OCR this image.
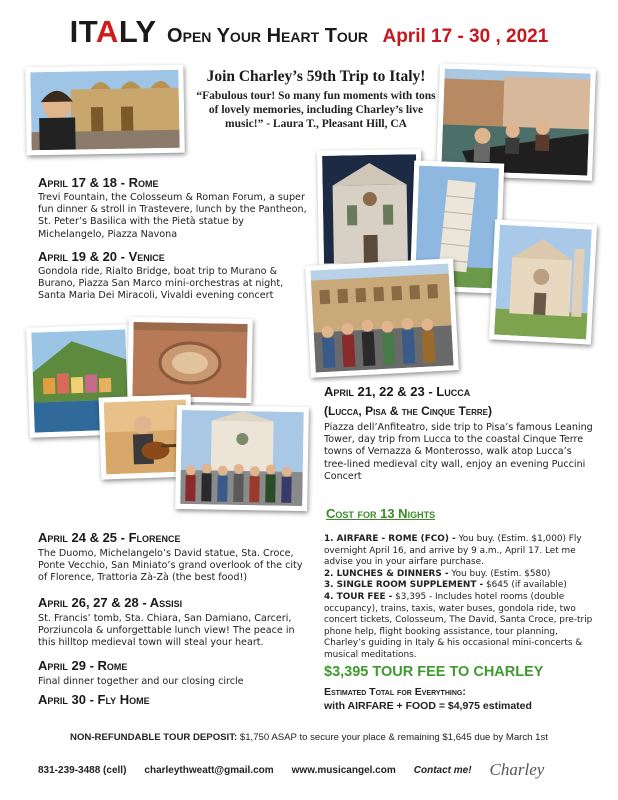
ITALY Open Your Heart Tour April 17 - 30 , 2021
Join Charley’s 59th Trip to Italy!
“Fabulous tour! So many fun moments with tons of lovely memories, including Charley’s live music!” - Laura T., Pleasant Hill, CA
April 17 & 18 - Rome
Trevi Fountain, the Colosseum & Roman Forum, a super fun dinner & stroll in Trastevere, lunch by the Pantheon, St. Peter’s Basilica with the Pietà statue by Michelangelo, Piazza Navona
April 19 & 20 - Venice
Gondola ride, Rialto Bridge, boat trip to Murano & Burano, Piazza San Marco mini-orchestras at night, Santa Maria Dei Miracoli, Vivaldi evening concert
April 21, 22 & 23 - Lucca
(Lucca, Pisa & the Cinque Terre)
Piazza dell’Anfiteatro, side trip to Pisa’s famous Leaning Tower, day trip from Lucca to the coastal Cinque Terre towns of Vernazza & Monterosso, walk atop Lucca’s tree-lined medieval city wall, enjoy an evening Puccini Concert
Cost for 13 Nights
1. AIRFARE - ROME (FCO) - You buy. (Estim. $1,000) Fly overnight April 16, and arrive by 9 a.m., April 17. Let me advise you in your airfare purchase.
2. LUNCHES & DINNERS - You buy. (Estim. $580)
3. SINGLE ROOM SUPPLEMENT - $645 (if available)
4. TOUR FEE - $3,395 - Includes hotel rooms (double occupancy), trains, taxis, water buses, gondola ride, two concert tickets, Colosseum, The David, Santa Croce, pre-trip phone help, flight booking assistance, tour planning, Charley’s guiding in Italy & his occasional mini-concerts & musical meditations.
$3,395 TOUR FEE TO CHARLEY
Estimated Total for Everything:
with AIRFARE + FOOD = $4,975 estimated
April 24 & 25 - Florence
The Duomo, Michelangelo’s David statue, Sta. Croce, Ponte Vecchio, San Miniato’s grand overlook of the city of Florence, Trattoria Zà-Zà (the best food!)
April 26, 27 & 28 - Assisi
St. Francis’ tomb, Sta. Chiara, San Damiano, Carceri, Porziuncola & unforgettable lunch view! The peace in this hilltop medieval town will steal your heart.
April 29 - Rome
Final dinner together and our closing circle
April 30 - Fly Home
NON-REFUNDABLE TOUR DEPOSIT: $1,750 ASAP to secure your place & remaining $1,645 due by March 1st
831-239-3488 (cell) charleythweatt@gmail.com www.musicangel.com Contact me! Charley
